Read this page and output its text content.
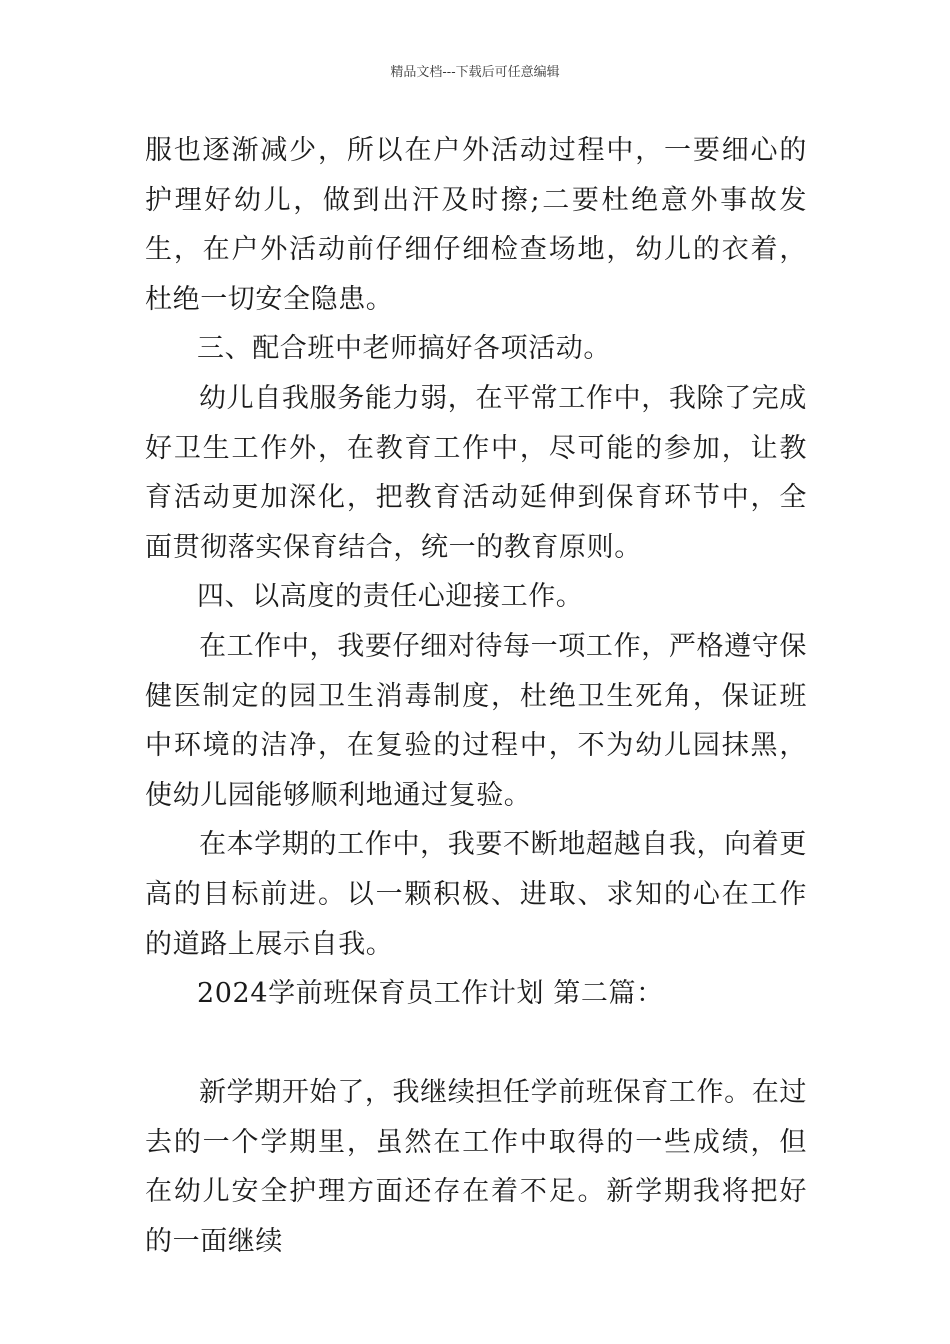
精品文档---下载后可任意编辑

服也逐渐减少，所以在户外活动过程中，一要细心的护理好幼儿，做到出汗及时擦;二要杜绝意外事故发生，在户外活动前仔细仔细检查场地，幼儿的衣着，杜绝一切安全隐患。

三、配合班中老师搞好各项活动。

幼儿自我服务能力弱，在平常工作中，我除了完成好卫生工作外，在教育工作中，尽可能的参加，让教育活动更加深化，把教育活动延伸到保育环节中，全面贯彻落实保育结合，统一的教育原则。

四、以高度的责任心迎接工作。

在工作中，我要仔细对待每一项工作，严格遵守保健医制定的园卫生消毒制度，杜绝卫生死角，保证班中环境的洁净，在复验的过程中，不为幼儿园抹黑，使幼儿园能够顺利地通过复验。

在本学期的工作中，我要不断地超越自我，向着更高的目标前进。以一颗积极、进取、求知的心在工作的道路上展示自我。

2024学前班保育员工作计划 第二篇：

新学期开始了，我继续担任学前班保育工作。在过去的一个学期里，虽然在工作中取得的一些成绩，但在幼儿安全护理方面还存在着不足。新学期我将把好的一面继续
